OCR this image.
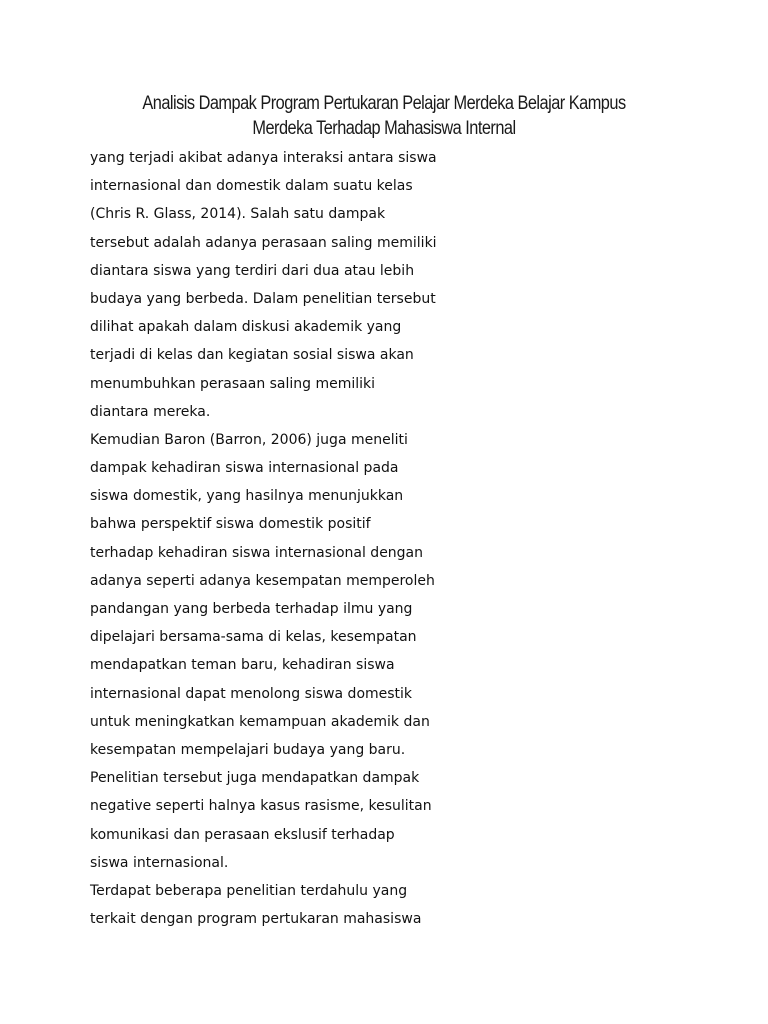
Analisis Dampak Program Pertukaran Pelajar Merdeka Belajar Kampus
Merdeka Terhadap Mahasiswa Internal
yang terjadi akibat adanya interaksi antara siswa
internasional dan domestik dalam suatu kelas
(Chris R. Glass, 2014). Salah satu dampak
tersebut adalah adanya perasaan saling memiliki
diantara siswa yang terdiri dari dua atau lebih
budaya yang berbeda. Dalam penelitian tersebut
dilihat apakah dalam diskusi akademik yang
terjadi di kelas dan kegiatan sosial siswa akan
menumbuhkan perasaan saling memiliki
diantara mereka.
Kemudian Baron (Barron, 2006) juga meneliti
dampak kehadiran siswa internasional pada
siswa domestik, yang hasilnya menunjukkan
bahwa perspektif siswa domestik positif
terhadap kehadiran siswa internasional dengan
adanya seperti adanya kesempatan memperoleh
pandangan yang berbeda terhadap ilmu yang
dipelajari bersama-sama di kelas, kesempatan
mendapatkan teman baru, kehadiran siswa
internasional dapat menolong siswa domestik
untuk meningkatkan kemampuan akademik dan
kesempatan mempelajari budaya yang baru.
Penelitian tersebut juga mendapatkan dampak
negative seperti halnya kasus rasisme, kesulitan
komunikasi dan perasaan ekslusif terhadap
siswa internasional.
Terdapat beberapa penelitian terdahulu yang
terkait dengan program pertukaran mahasiswa
